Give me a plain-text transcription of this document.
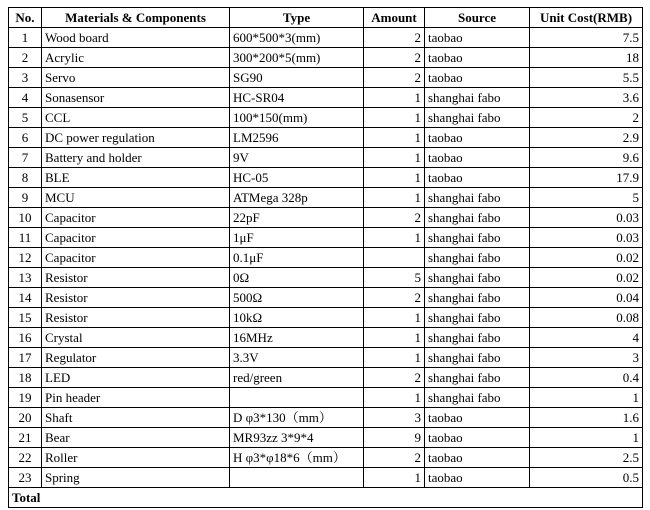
No.	Materials & Components	Type	Amount	Source	Unit Cost(RMB)
1	Wood board	600*500*3(mm)	2	taobao	7.5
2	Acrylic	300*200*5(mm)	2	taobao	18
3	Servo	SG90	2	taobao	5.5
4	Sonasensor	HC-SR04	1	shanghai fabo	3.6
5	CCL	100*150(mm)	1	shanghai fabo	2
6	DC power regulation	LM2596	1	taobao	2.9
7	Battery and holder	9V	1	taobao	9.6
8	BLE	HC-05	1	taobao	17.9
9	MCU	ATMega 328p	1	shanghai fabo	5
10	Capacitor	22pF	2	shanghai fabo	0.03
11	Capacitor	1μF	1	shanghai fabo	0.03
12	Capacitor	0.1μF		shanghai fabo	0.02
13	Resistor	0Ω	5	shanghai fabo	0.02
14	Resistor	500Ω	2	shanghai fabo	0.04
15	Resistor	10kΩ	1	shanghai fabo	0.08
16	Crystal	16MHz	1	shanghai fabo	4
17	Regulator	3.3V	1	shanghai fabo	3
18	LED	red/green	2	shanghai fabo	0.4
19	Pin header		1	shanghai fabo	1
20	Shaft	D φ3*130（mm）	3	taobao	1.6
21	Bear	MR93zz 3*9*4	9	taobao	1
22	Roller	H φ3*φ18*6（mm）	2	taobao	2.5
23	Spring		1	taobao	0.5
Total					
